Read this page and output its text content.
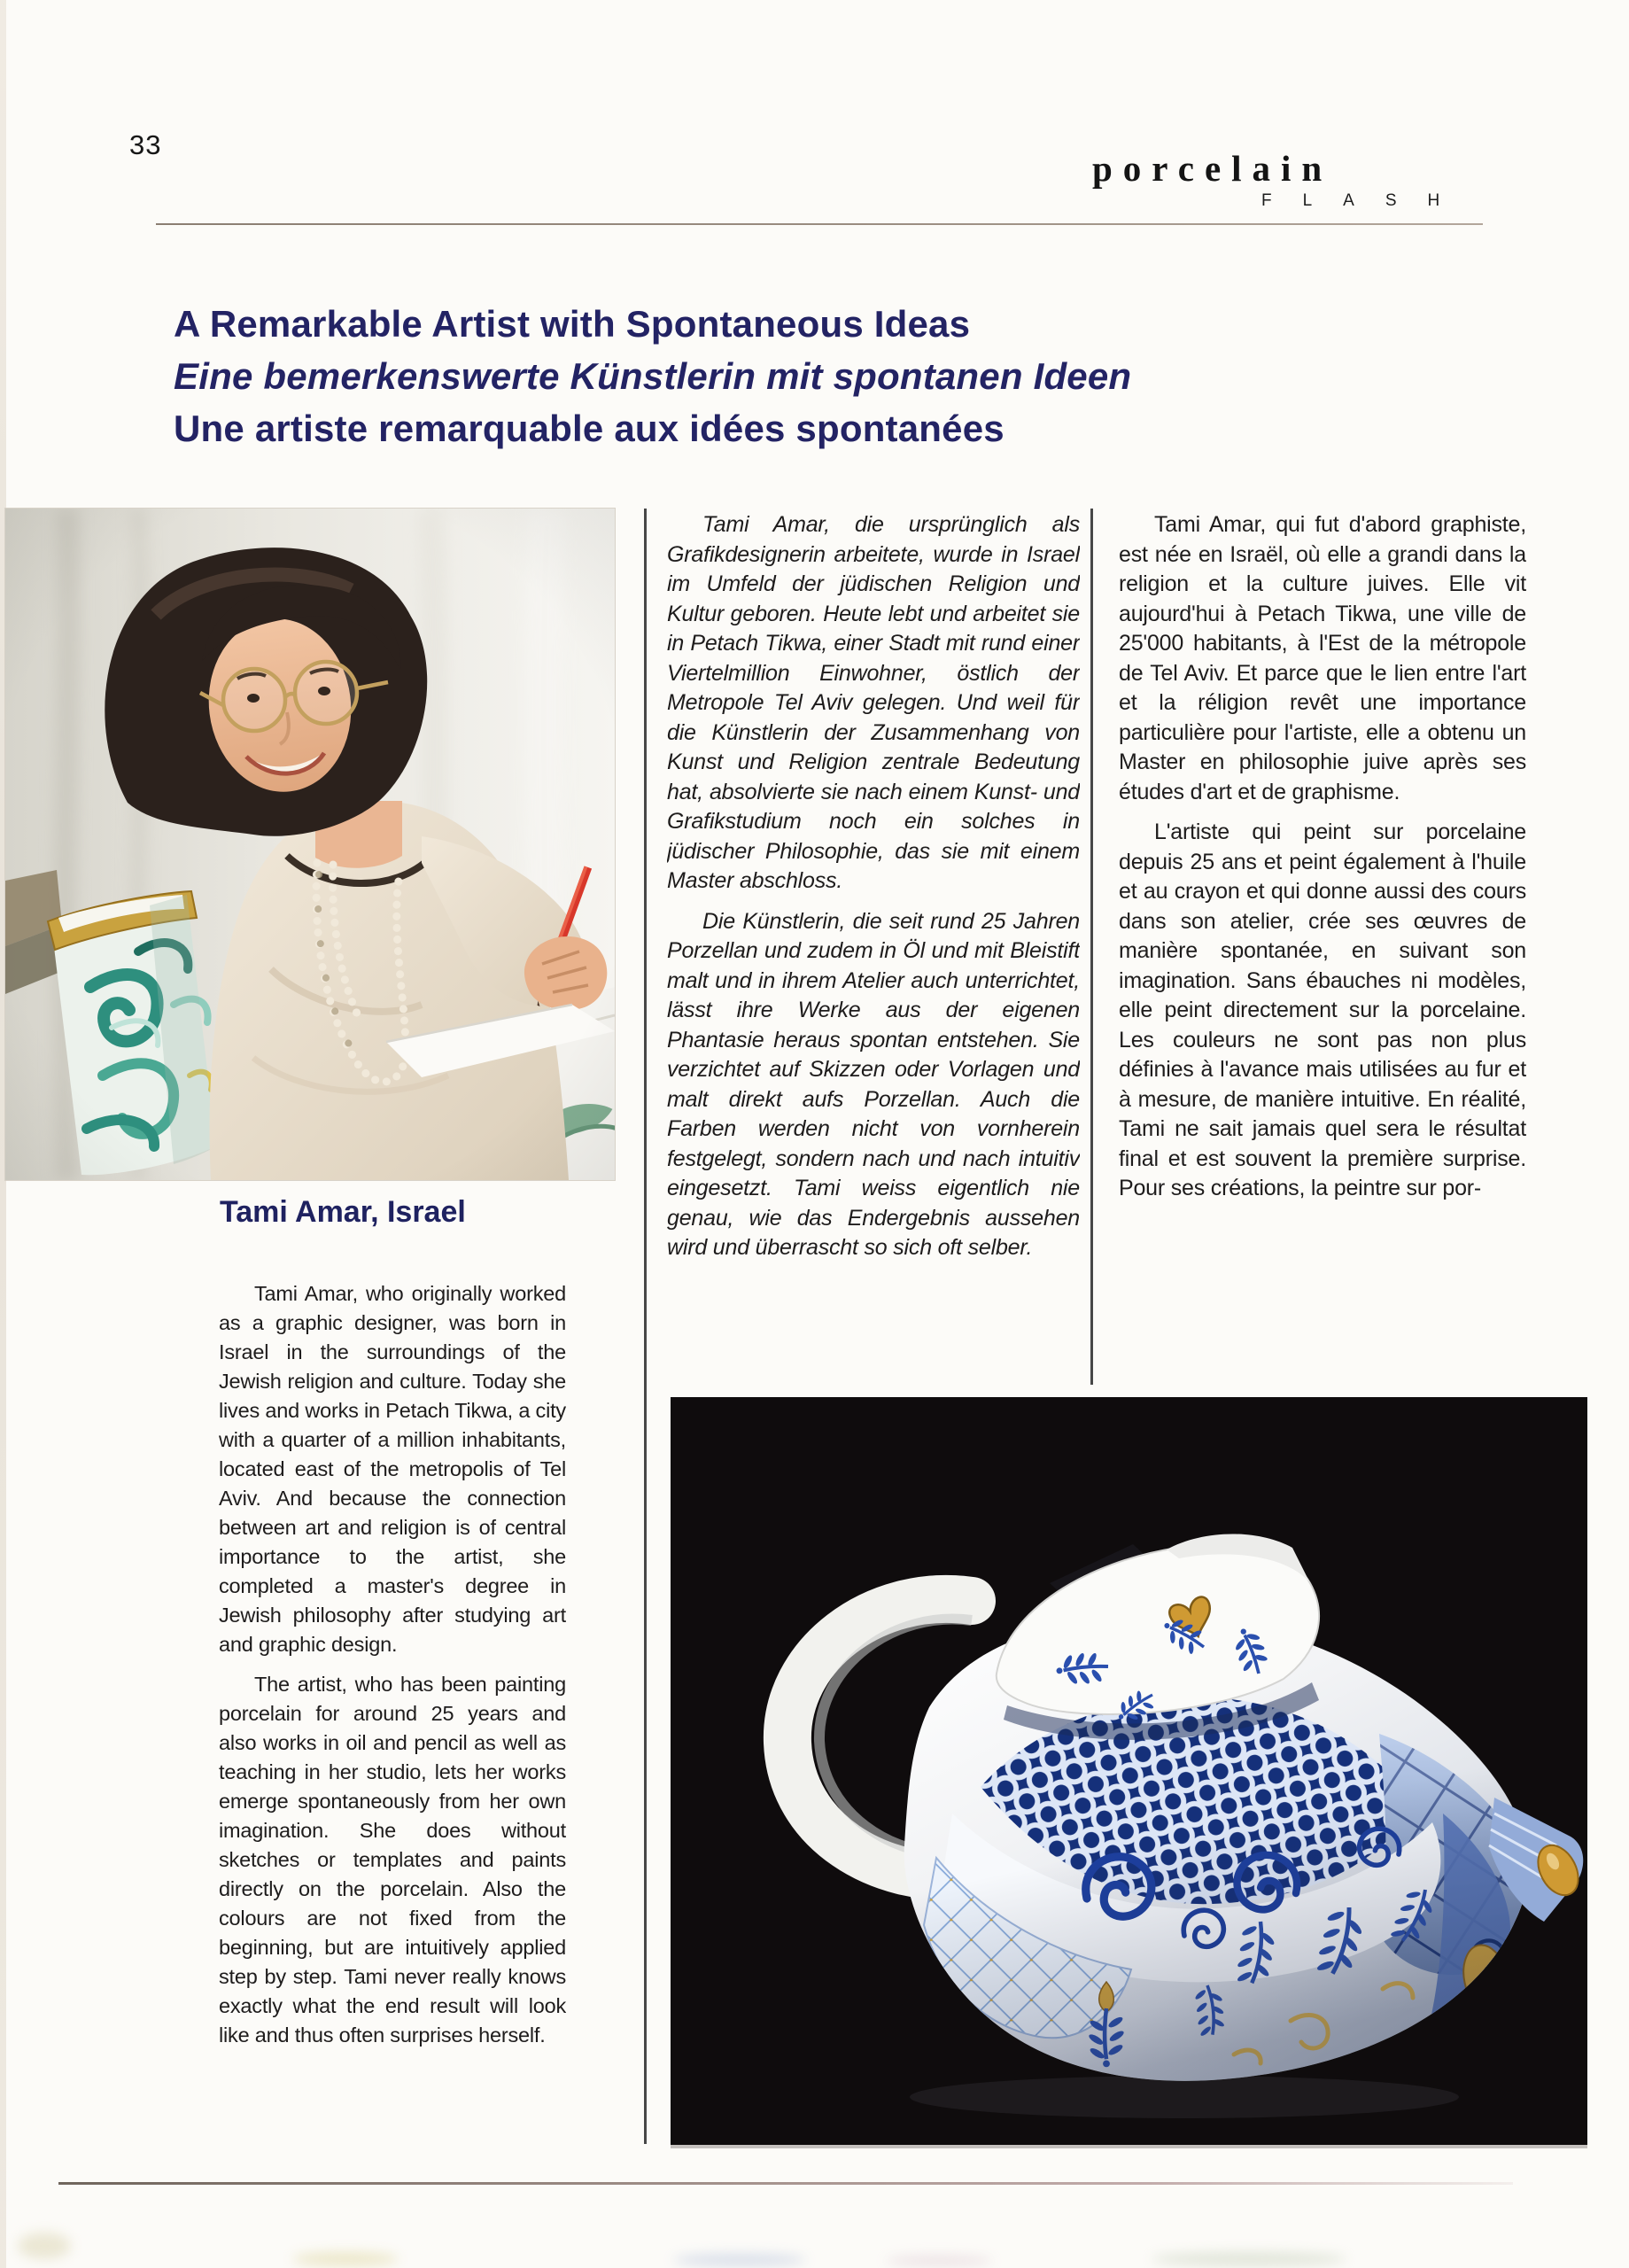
33
porcelain
FLASH
A Remarkable Artist with Spontaneous Ideas
Eine bemerkenswerte Künstlerin mit spontanen Ideen
Une artiste remarquable aux idées spontanées
Tami Amar, Israel

Tami Amar, who originally worked as a graphic designer, was born in Israel in the surroundings of the Jewish religion and culture. Today she lives and works in Petach Tikwa, a city with a quarter of a million inhabitants, located east of the metropolis of Tel Aviv. And because the connection between art and religion is of central importance to the artist, she completed a master's degree in Jewish philosophy after studying art and graphic design.

The artist, who has been painting porcelain for around 25 years and also works in oil and pencil as well as teaching in her studio, lets her works emerge spontaneously from her own imagination. She does without sketches or templates and paints directly on the porcelain. Also the colours are not fixed from the beginning, but are intuitively applied step by step. Tami never really knows exactly what the end result will look like and thus often surprises herself.

Tami Amar, die ursprünglich als Grafikdesignerin arbeitete, wurde in Israel im Umfeld der jüdischen Religion und Kultur geboren. Heute lebt und arbeitet sie in Petach Tikwa, einer Stadt mit rund einer Viertelmillion Einwohner, östlich der Metropole Tel Aviv gelegen. Und weil für die Künstlerin der Zusammenhang von Kunst und Religion zentrale Bedeutung hat, absolvierte sie nach einem Kunst- und Grafikstudium noch ein solches in jüdischer Philosophie, das sie mit einem Master abschloss.

Die Künstlerin, die seit rund 25 Jahren Porzellan und zudem in Öl und mit Bleistift malt und in ihrem Atelier auch unterrichtet, lässt ihre Werke aus der eigenen Phantasie heraus spontan entstehen. Sie verzichtet auf Skizzen oder Vorlagen und malt direkt aufs Porzellan. Auch die Farben werden nicht von vornherein festgelegt, sondern nach und nach intuitiv eingesetzt. Tami weiss eigentlich nie genau, wie das Endergebnis aussehen wird und überrascht so sich oft selber.

Tami Amar, qui fut d'abord graphiste, est née en Israël, où elle a grandi dans la religion et la culture juives. Elle vit aujourd'hui à Petach Tikwa, une ville de 25'000 habitants, à l'Est de la métropole de Tel Aviv. Et parce que le lien entre l'art et la réligion revêt une importance particulière pour l'artiste, elle a obtenu un Master en philosophie juive après ses études d'art et de graphisme.

L'artiste qui peint sur porcelaine depuis 25 ans et peint également à l'huile et au crayon et qui donne aussi des cours dans son atelier, crée ses œuvres de manière spontanée, en suivant son imagination. Sans ébauches ni modèles, elle peint directement sur la porcelaine. Les couleurs ne sont pas non plus définies à l'avance mais utilisées au fur et à mesure, de manière intuitive. En réalité, Tami ne sait jamais quel sera le résultat final et est souvent la première surprise. Pour ses créations, la peintre sur por-
